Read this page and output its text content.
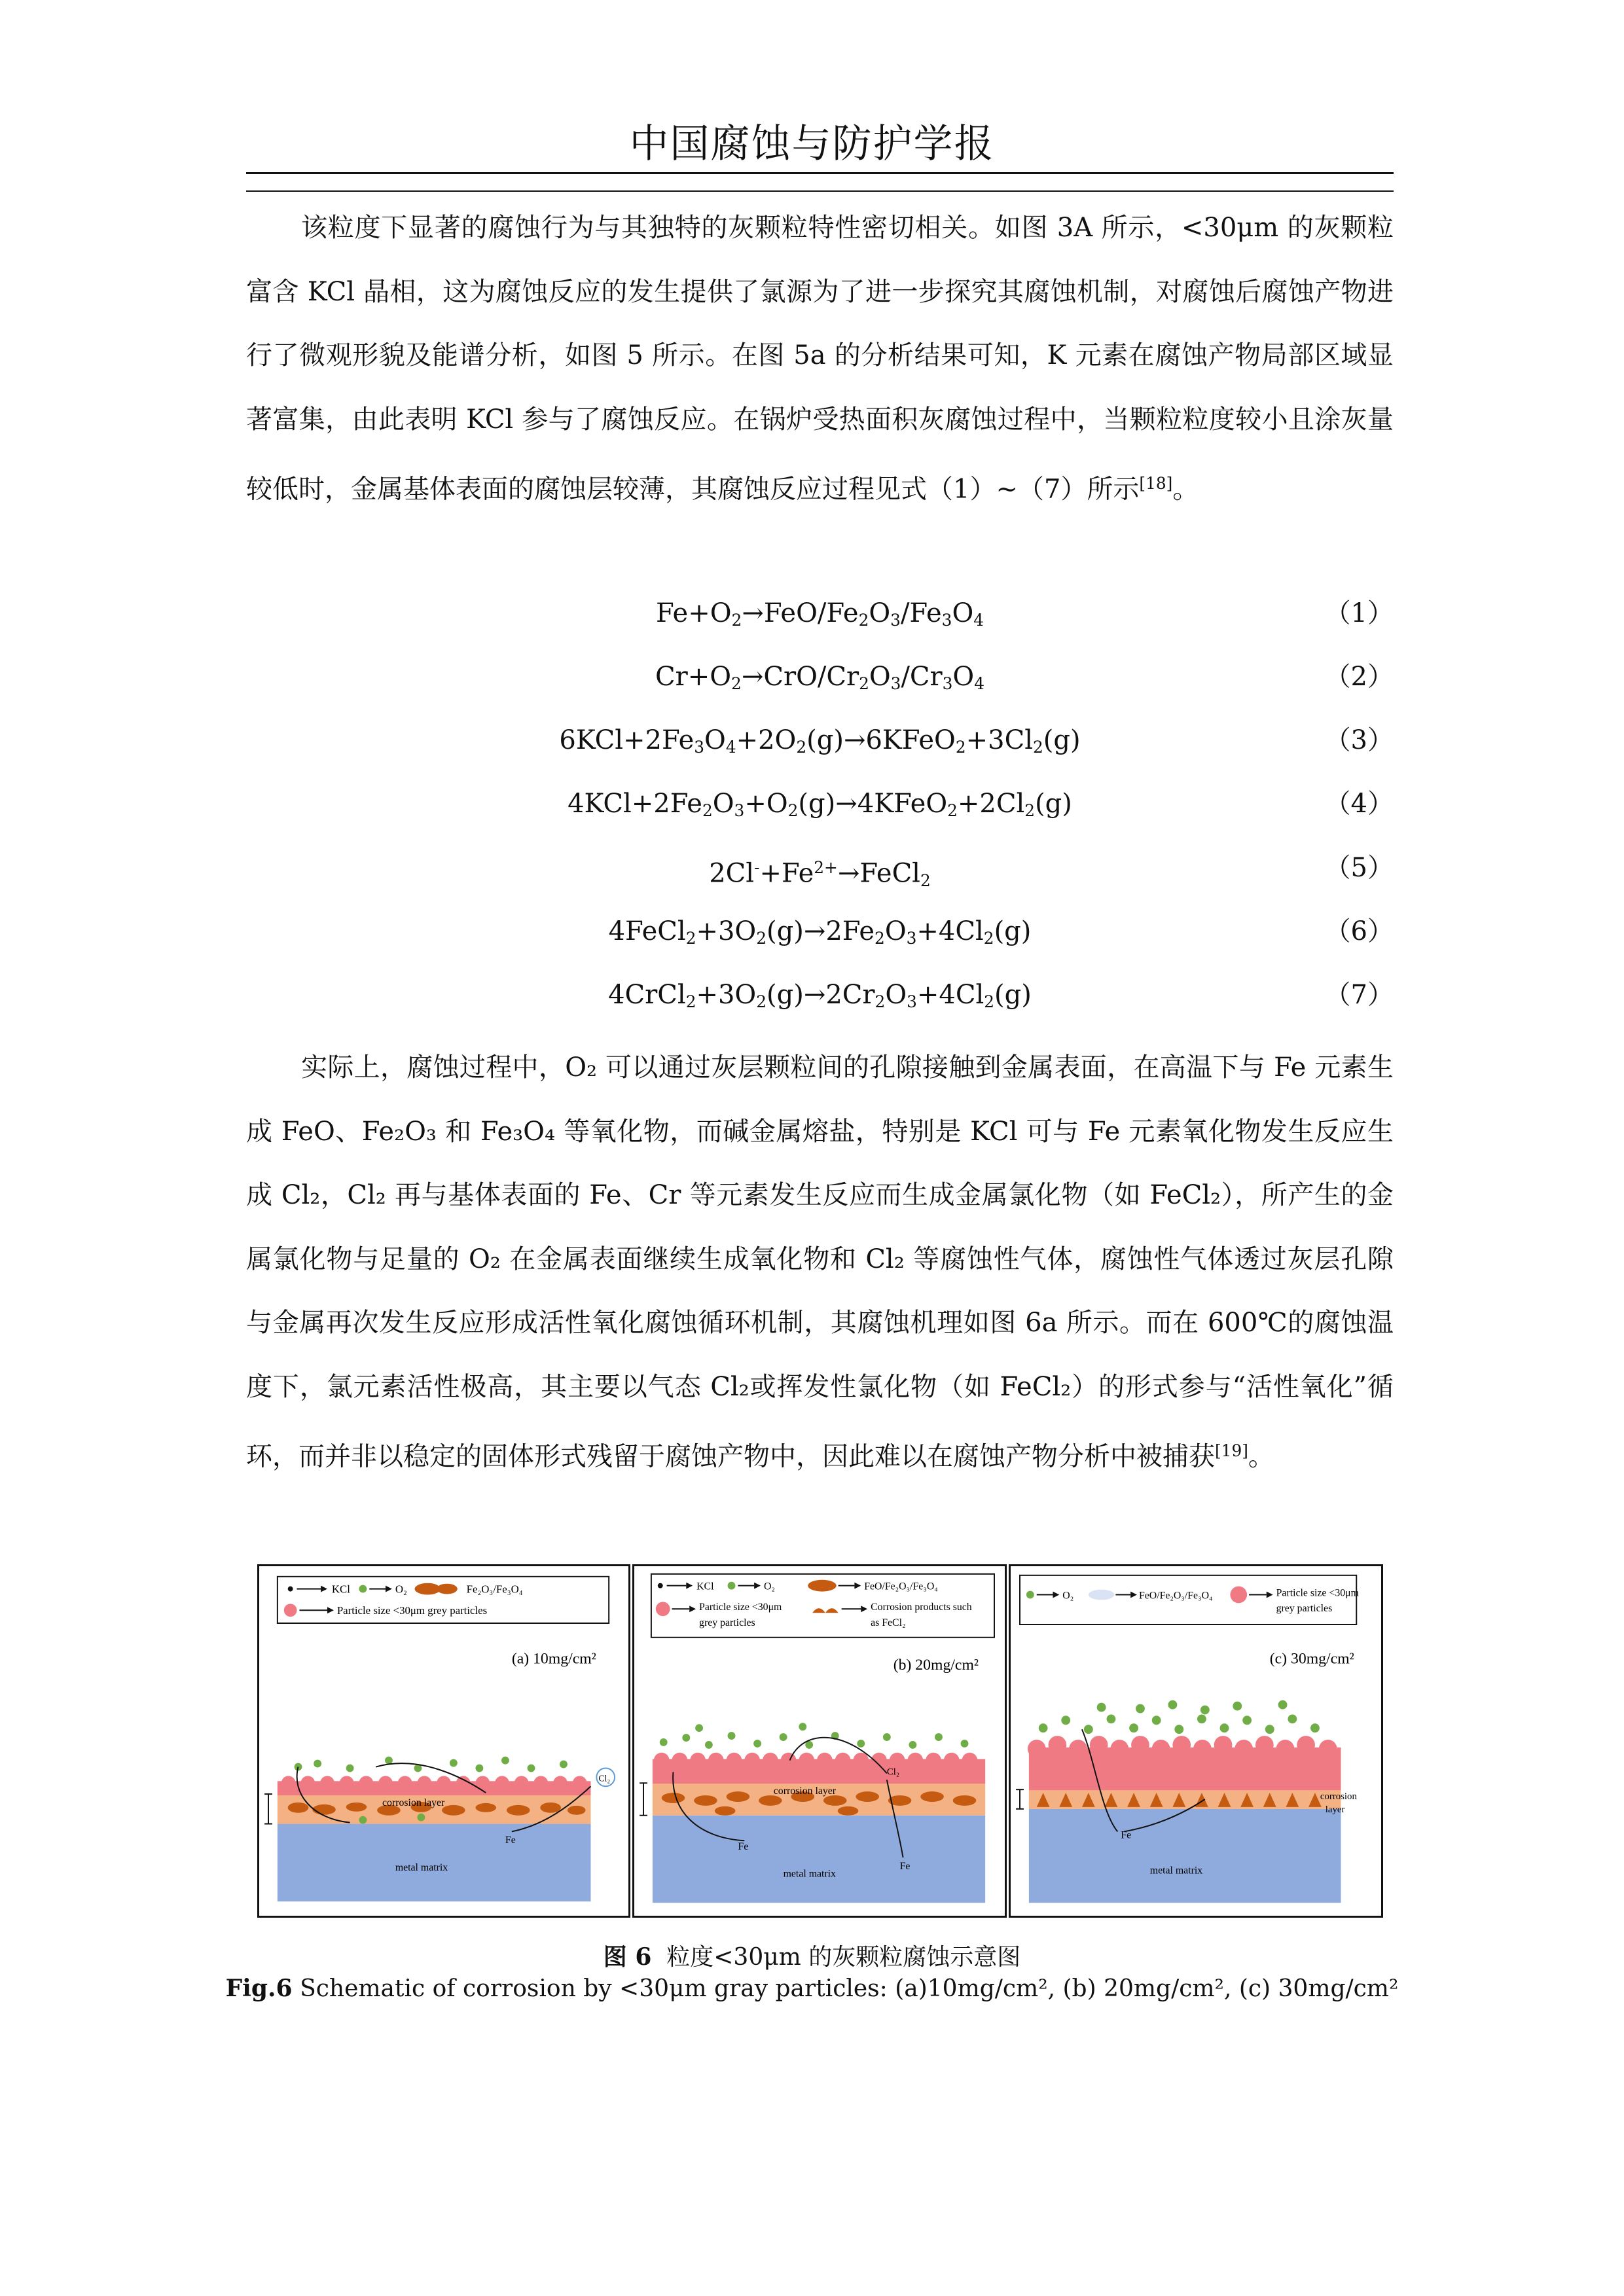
中国腐蚀与防护学报

该粒度下显著的腐蚀行为与其独特的灰颗粒特性密切相关。如图 3A 所示，<30μm 的灰颗粒富含 KCl 晶相，这为腐蚀反应的发生提供了氯源为了进一步探究其腐蚀机制，对腐蚀后腐蚀产物进行了微观形貌及能谱分析，如图 5 所示。在图 5a 的分析结果可知，K 元素在腐蚀产物局部区域显著富集，由此表明 KCl 参与了腐蚀反应。在锅炉受热面积灰腐蚀过程中，当颗粒粒度较小且涂灰量较低时，金属基体表面的腐蚀层较薄，其腐蚀反应过程见式（1）~（7）所示[18]。

$Fe+O_2\to FeO/Fe_2O_3/Fe_3O_4$	（1）
$Cr+O_2\to CrO/Cr_2O_3/Cr_3O_4$	（2）
$6KCl+2Fe_3O_4+2O_2(g)\to 6KFeO_2+3Cl_2(g)$	（3）
$4KCl+2Fe_2O_3+O_2(g)\to 4KFeO_2+2Cl_2(g)$	（4）
$2Cl^-+Fe^{2+}\to FeCl_2$	（5）
$4FeCl_2+3O_2(g)\to 2Fe_2O_3+4Cl_2(g)$	（6）
$4CrCl_2+3O_2(g)\to 2Cr_2O_3+4Cl_2(g)$	（7）

实际上，腐蚀过程中，O₂ 可以通过灰层颗粒间的孔隙接触到金属表面，在高温下与 Fe 元素生成 FeO、Fe₂O₃ 和 Fe₃O₄ 等氧化物，而碱金属熔盐，特别是 KCl 可与 Fe 元素氧化物发生反应生成 Cl₂，Cl₂ 再与基体表面的 Fe、Cr 等元素发生反应而生成金属氯化物（如 FeCl₂），所产生的金属氯化物与足量的 O₂ 在金属表面继续生成氧化物和 Cl₂ 等腐蚀性气体，腐蚀性气体透过灰层孔隙与金属再次发生反应形成活性氧化腐蚀循环机制，其腐蚀机理如图 6a 所示。而在 600℃的腐蚀温度下，氯元素活性极高，其主要以气态 Cl₂或挥发性氯化物（如 FeCl₂）的形式参与“活性氧化”循环，而并非以稳定的固体形式残留于腐蚀产物中，因此难以在腐蚀产物分析中被捕获[19]。

KCl	O₂	Fe₂O₃/Fe₃O₄
Particle size <30μm grey particles
(a) 10mg/cm²
corrosion layer
metal matrix
Fe
Cl₂
KCl	O₂	FeO/Fe₂O₃/Fe₃O₄
Particle size <30μm
grey particles
Corrosion products such
as FeCl₂
(b) 20mg/cm²
corrosion layer
metal matrix
Fe
Fe
Cl₂
O₂	FeO/Fe₂O₃/Fe₃O₄	Particle size <30μm
grey particles
(c) 30mg/cm²
corrosion
layer
metal matrix
Fe
图 6 粒度<30μm 的灰颗粒腐蚀示意图
Fig.6 Schematic of corrosion by <30μm gray particles: (a)10mg/cm², (b) 20mg/cm², (c) 30mg/cm²
